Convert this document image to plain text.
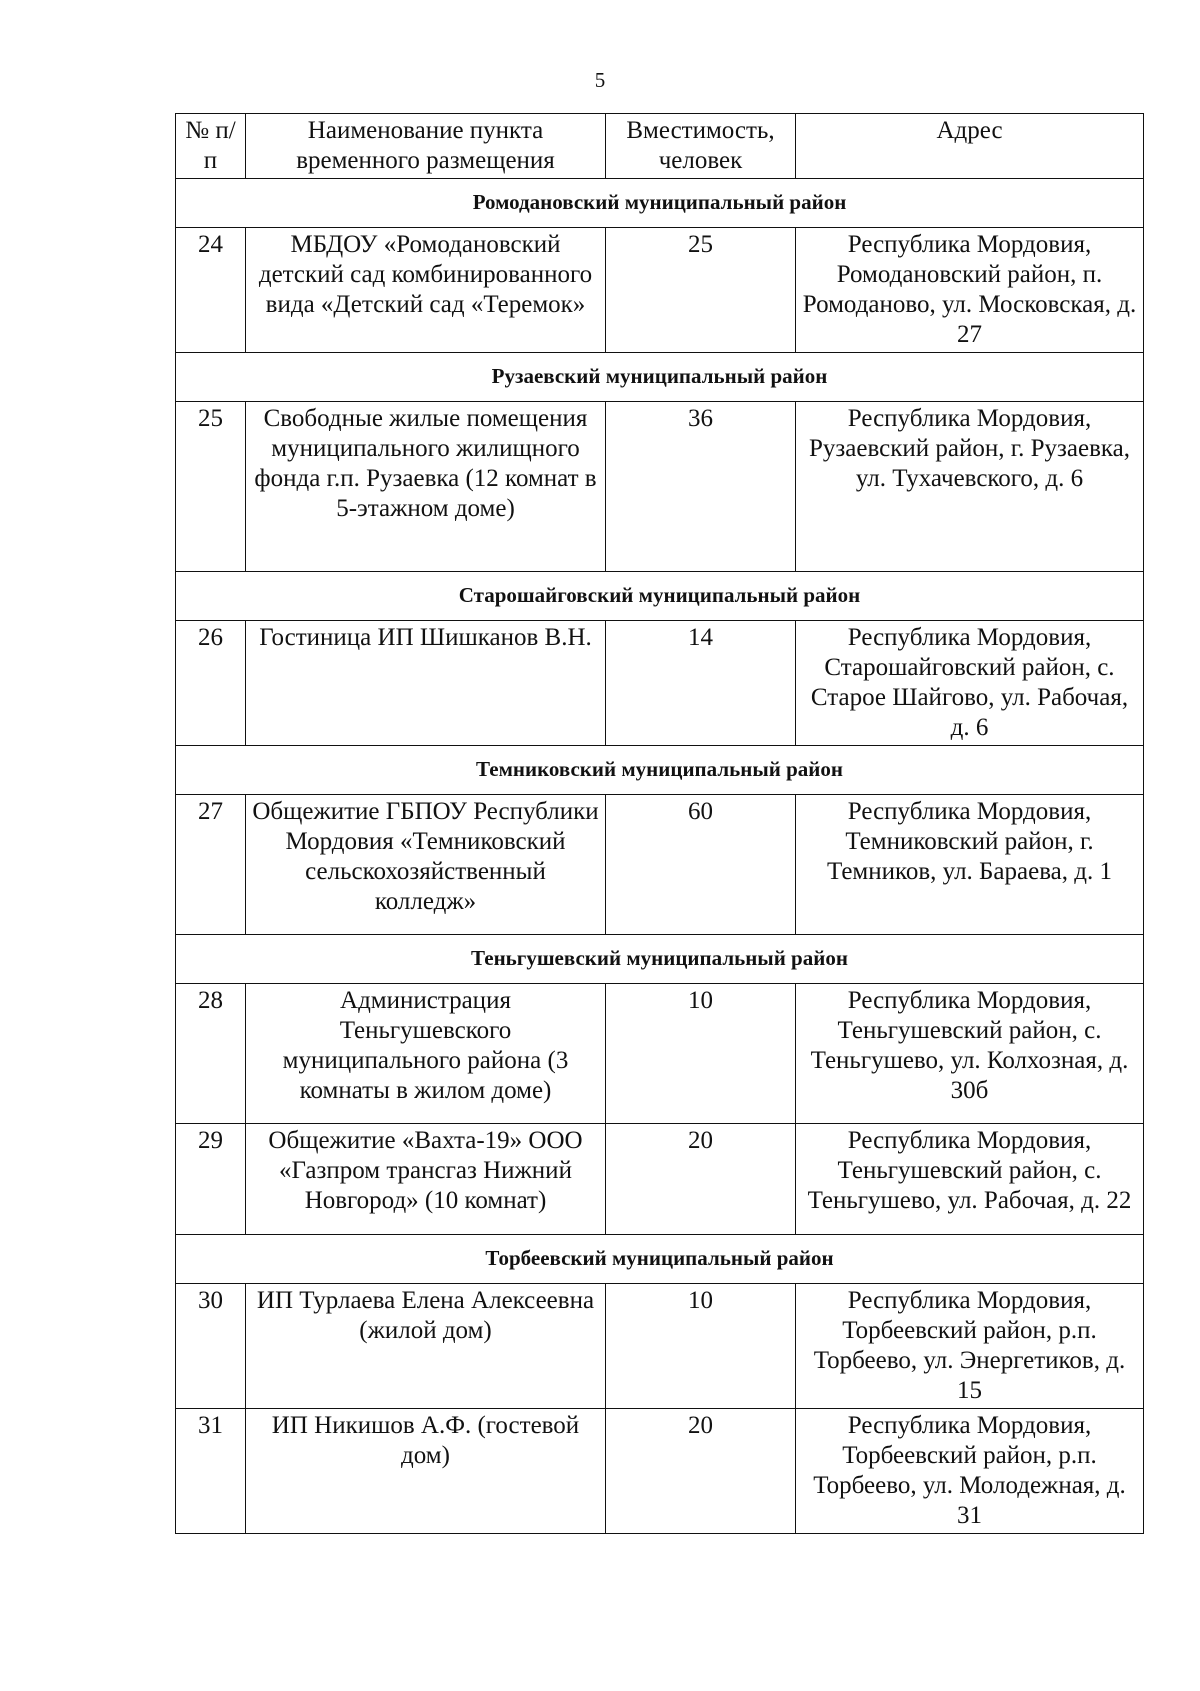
5
№ п/п	Наименование пункта временного размещения	Вместимость, человек	Адрес
Ромодановский муниципальный район			
24	МБДОУ «Ромодановский детский сад комбинированного вида «Детский сад «Теремок»	25	Республика Мордовия, Ромодановский район, п. Ромоданово, ул. Московская, д. 27
Рузаевский муниципальный район			
25	Свободные жилые помещения муниципального жилищного фонда г.п. Рузаевка (12 комнат в 5-этажном доме)	36	Республика Мордовия, Рузаевский район, г. Рузаевка, ул. Тухачевского, д. 6
Старошайговский муниципальный район			
26	Гостиница ИП Шишканов В.Н.	14	Республика Мордовия, Старошайговский район, с. Старое Шайгово, ул. Рабочая, д. 6
Темниковский муниципальный район			
27	Общежитие ГБПОУ Республики Мордовия «Темниковский сельскохозяйственный колледж»	60	Республика Мордовия, Темниковский район, г. Темников, ул. Бараева, д. 1
Теньгушевский муниципальный район			
28	Администрация Теньгушевского муниципального района (3 комнаты в жилом доме)	10	Республика Мордовия, Теньгушевский район, с. Теньгушево, ул. Колхозная, д. 30б
29	Общежитие «Вахта-19» ООО «Газпром трансгаз Нижний Новгород» (10 комнат)	20	Республика Мордовия, Теньгушевский район, с. Теньгушево, ул. Рабочая, д. 22
Торбеевский муниципальный район			
30	ИП Турлаева Елена Алексеевна (жилой дом)	10	Республика Мордовия, Торбеевский район, р.п. Торбеево, ул. Энергетиков, д. 15
31	ИП Никишов А.Ф. (гостевой дом)	20	Республика Мордовия, Торбеевский район, р.п. Торбеево, ул. Молодежная, д. 31
